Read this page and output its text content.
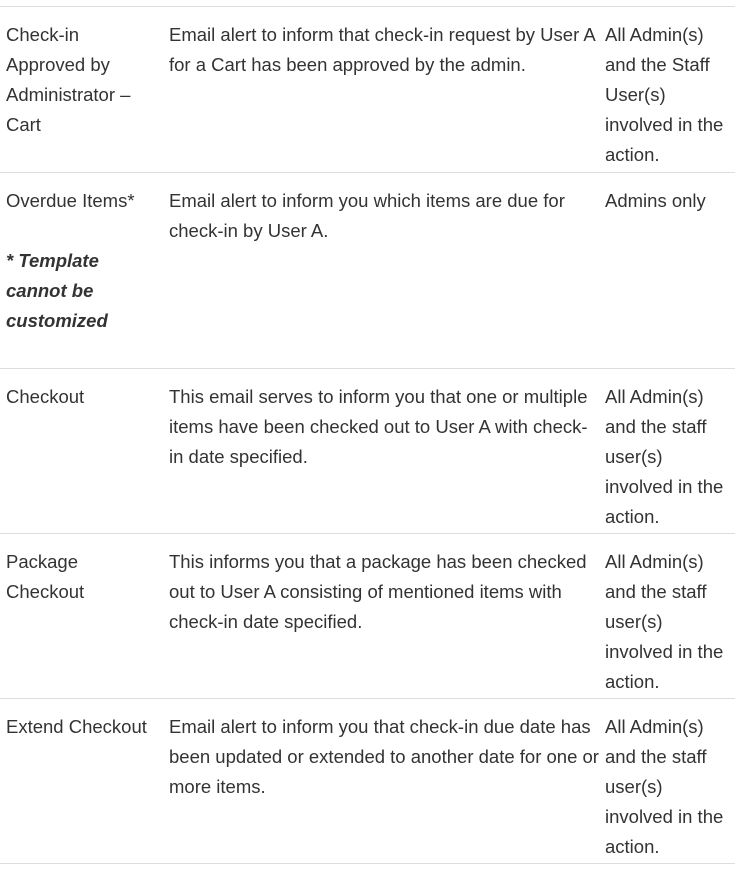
Check-in Approved by Administrator – Cart
Email alert to inform that check-in request by User A for a Cart has been approved by the admin.
All Admin(s) and the Staff User(s) involved in the action.
Overdue Items*
* Template cannot be customized
Email alert to inform you which items are due for check-in by User A.
Admins only
Checkout	This email serves to inform you that one or multiple items have been checked out to User A with check-in date specified.
All Admin(s) and the staff user(s) involved in the action.
Package Checkout
This informs you that a package has been checked out to User A consisting of mentioned items with check-in date specified.
All Admin(s) and the staff user(s) involved in the action.
Extend Checkout	Email alert to inform you that check-in due date has been updated or extended to another date for one or more items.
All Admin(s) and the staff user(s) involved in the action.
